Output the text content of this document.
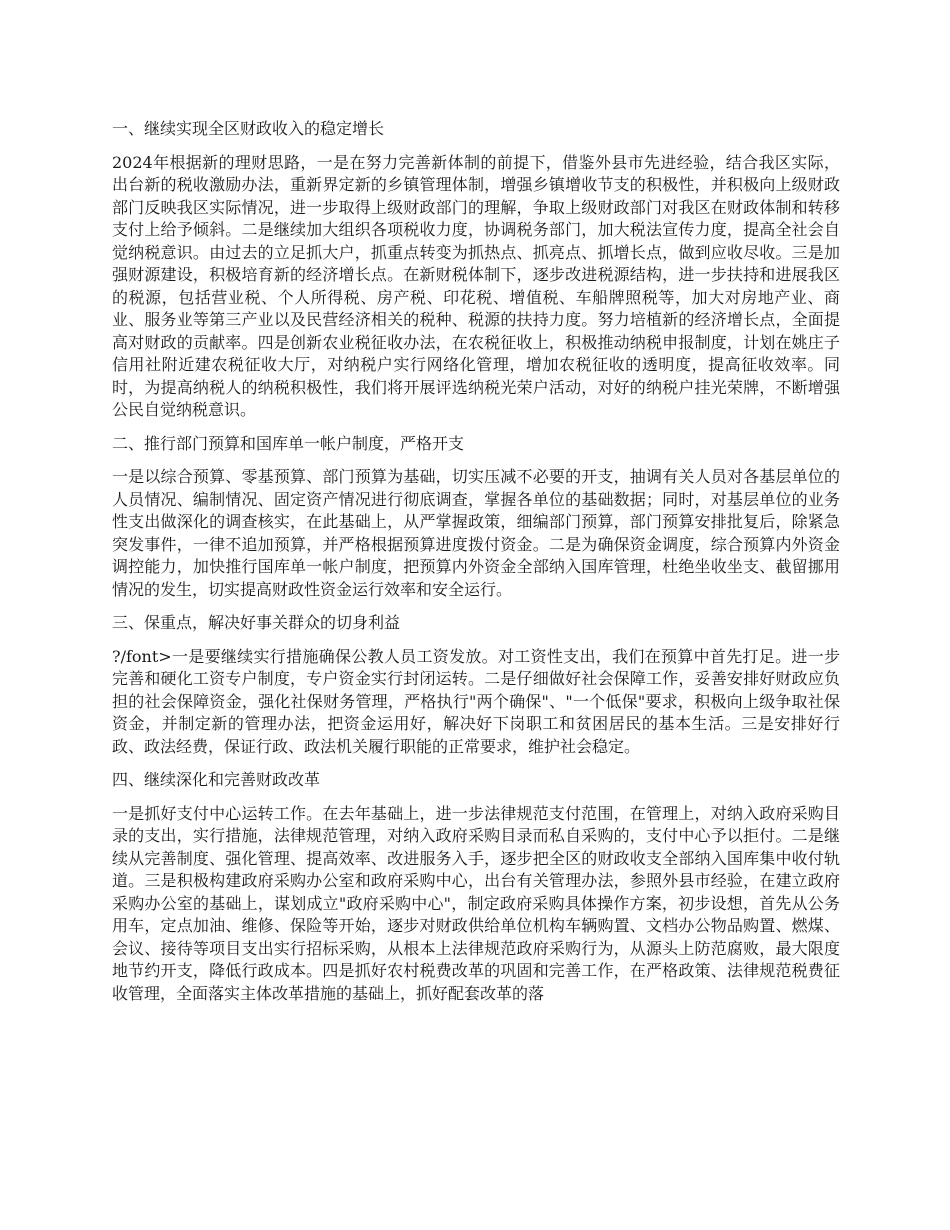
一、继续实现全区财政收入的稳定增长

2024年根据新的理财思路，一是在努力完善新体制的前提下，借鉴外县市先进经验，结合我区实际，出台新的税收激励办法，重新界定新的乡镇管理体制，增强乡镇增收节支的积极性，并积极向上级财政部门反映我区实际情况，进一步取得上级财政部门的理解，争取上级财政部门对我区在财政体制和转移支付上给予倾斜。二是继续加大组织各项税收力度，协调税务部门，加大税法宣传力度，提高全社会自觉纳税意识。由过去的立足抓大户，抓重点转变为抓热点、抓亮点、抓增长点，做到应收尽收。三是加强财源建设，积极培育新的经济增长点。在新财税体制下，逐步改进税源结构，进一步扶持和进展我区的税源，包括营业税、个人所得税、房产税、印花税、增值税、车船牌照税等，加大对房地产业、商业、服务业等第三产业以及民营经济相关的税种、税源的扶持力度。努力培植新的经济增长点，全面提高对财政的贡献率。四是创新农业税征收办法，在农税征收上，积极推动纳税申报制度，计划在姚庄子信用社附近建农税征收大厅，对纳税户实行网络化管理，增加农税征收的透明度，提高征收效率。同时，为提高纳税人的纳税积极性，我们将开展评选纳税光荣户活动，对好的纳税户挂光荣牌，不断增强公民自觉纳税意识。

二、推行部门预算和国库单一帐户制度，严格开支

一是以综合预算、零基预算、部门预算为基础，切实压减不必要的开支，抽调有关人员对各基层单位的人员情况、编制情况、固定资产情况进行彻底调查，掌握各单位的基础数据；同时，对基层单位的业务性支出做深化的调查核实，在此基础上，从严掌握政策，细编部门预算，部门预算安排批复后，除紧急突发事件，一律不追加预算，并严格根据预算进度拨付资金。二是为确保资金调度，综合预算内外资金调控能力，加快推行国库单一帐户制度，把预算内外资金全部纳入国库管理，杜绝坐收坐支、截留挪用情况的发生，切实提高财政性资金运行效率和安全运行。

三、保重点，解决好事关群众的切身利益

?/font>一是要继续实行措施确保公教人员工资发放。对工资性支出，我们在预算中首先打足。进一步完善和硬化工资专户制度，专户资金实行封闭运转。二是仔细做好社会保障工作，妥善安排好财政应负担的社会保障资金，强化社保财务管理，严格执行"两个确保"、"一个低保"要求，积极向上级争取社保资金，并制定新的管理办法，把资金运用好，解决好下岗职工和贫困居民的基本生活。三是安排好行政、政法经费，保证行政、政法机关履行职能的正常要求，维护社会稳定。

四、继续深化和完善财政改革

一是抓好支付中心运转工作。在去年基础上，进一步法律规范支付范围，在管理上，对纳入政府采购目录的支出，实行措施，法律规范管理，对纳入政府采购目录而私自采购的，支付中心予以拒付。二是继续从完善制度、强化管理、提高效率、改进服务入手，逐步把全区的财政收支全部纳入国库集中收付轨道。三是积极构建政府采购办公室和政府采购中心，出台有关管理办法，参照外县市经验，在建立政府采购办公室的基础上，谋划成立"政府采购中心"，制定政府采购具体操作方案，初步设想，首先从公务用车，定点加油、维修、保险等开始，逐步对财政供给单位机构车辆购置、文档办公物品购置、燃煤、会议、接待等项目支出实行招标采购，从根本上法律规范政府采购行为，从源头上防范腐败，最大限度地节约开支，降低行政成本。四是抓好农村税费改革的巩固和完善工作，在严格政策、法律规范税费征收管理，全面落实主体改革措施的基础上，抓好配套改革的落
